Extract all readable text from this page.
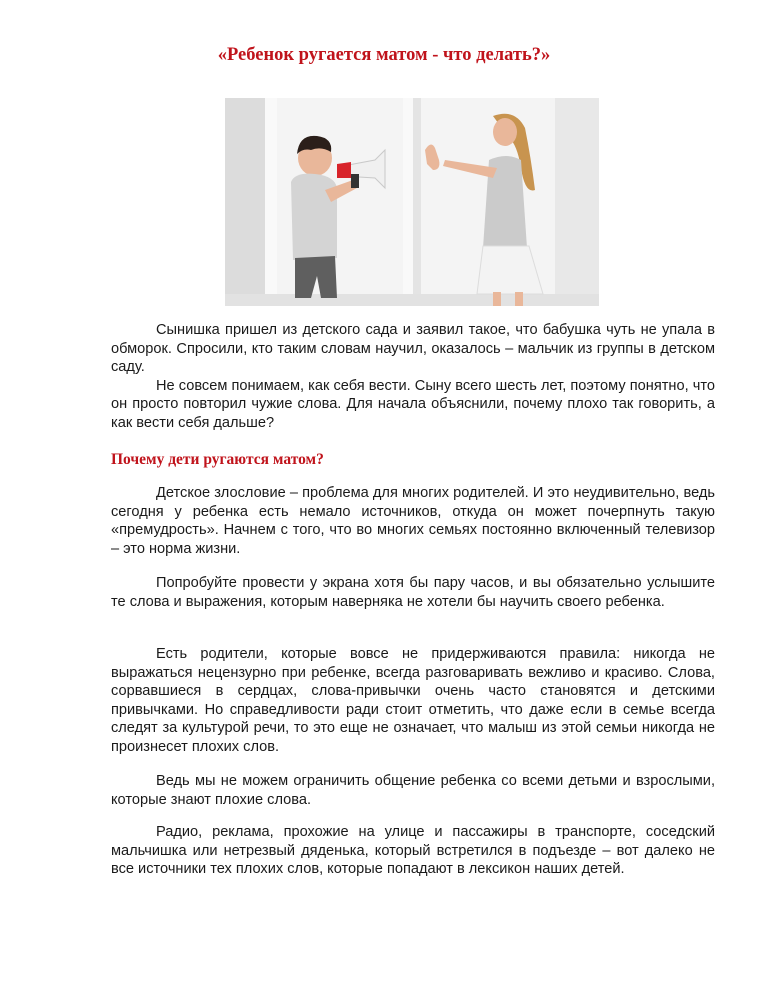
«Ребенок ругается матом - что делать?»

Сынишка пришел из детского сада и заявил такое, что бабушка чуть не упала в обморок. Спросили, кто таким словам научил, оказалось – мальчик из группы в детском саду.

Не совсем понимаем, как себя вести. Сыну всего шесть лет, поэтому понятно, что он просто повторил чужие слова. Для начала объяснили, почему плохо так говорить, а как вести себя дальше?

Почему дети ругаются матом?
Детское злословие – проблема для многих родителей. И это неудивительно, ведь сегодня у ребенка есть немало источников, откуда он может почерпнуть такую «премудрость». Начнем с того, что во многих семьях постоянно включенный телевизор – это норма жизни.
Попробуйте провести у экрана хотя бы пару часов, и вы обязательно услышите те слова и выражения, которым наверняка не хотели бы научить своего ребенка.
Есть родители, которые вовсе не придерживаются правила: никогда не выражаться нецензурно при ребенке, всегда разговаривать вежливо и красиво. Слова, сорвавшиеся в сердцах, слова-привычки очень часто становятся и детскими привычками. Но справедливости ради стоит отметить, что даже если в семье всегда следят за культурой речи, то это еще не означает, что малыш из этой семьи никогда не произнесет плохих слов.
Ведь мы не можем ограничить общение ребенка со всеми детьми и взрослыми, которые знают плохие слова.
Радио, реклама, прохожие на улице и пассажиры в транспорте, соседский мальчишка или нетрезвый дяденька, который встретился в подъезде – вот далеко не все источники тех плохих слов, которые попадают в лексикон наших детей.
